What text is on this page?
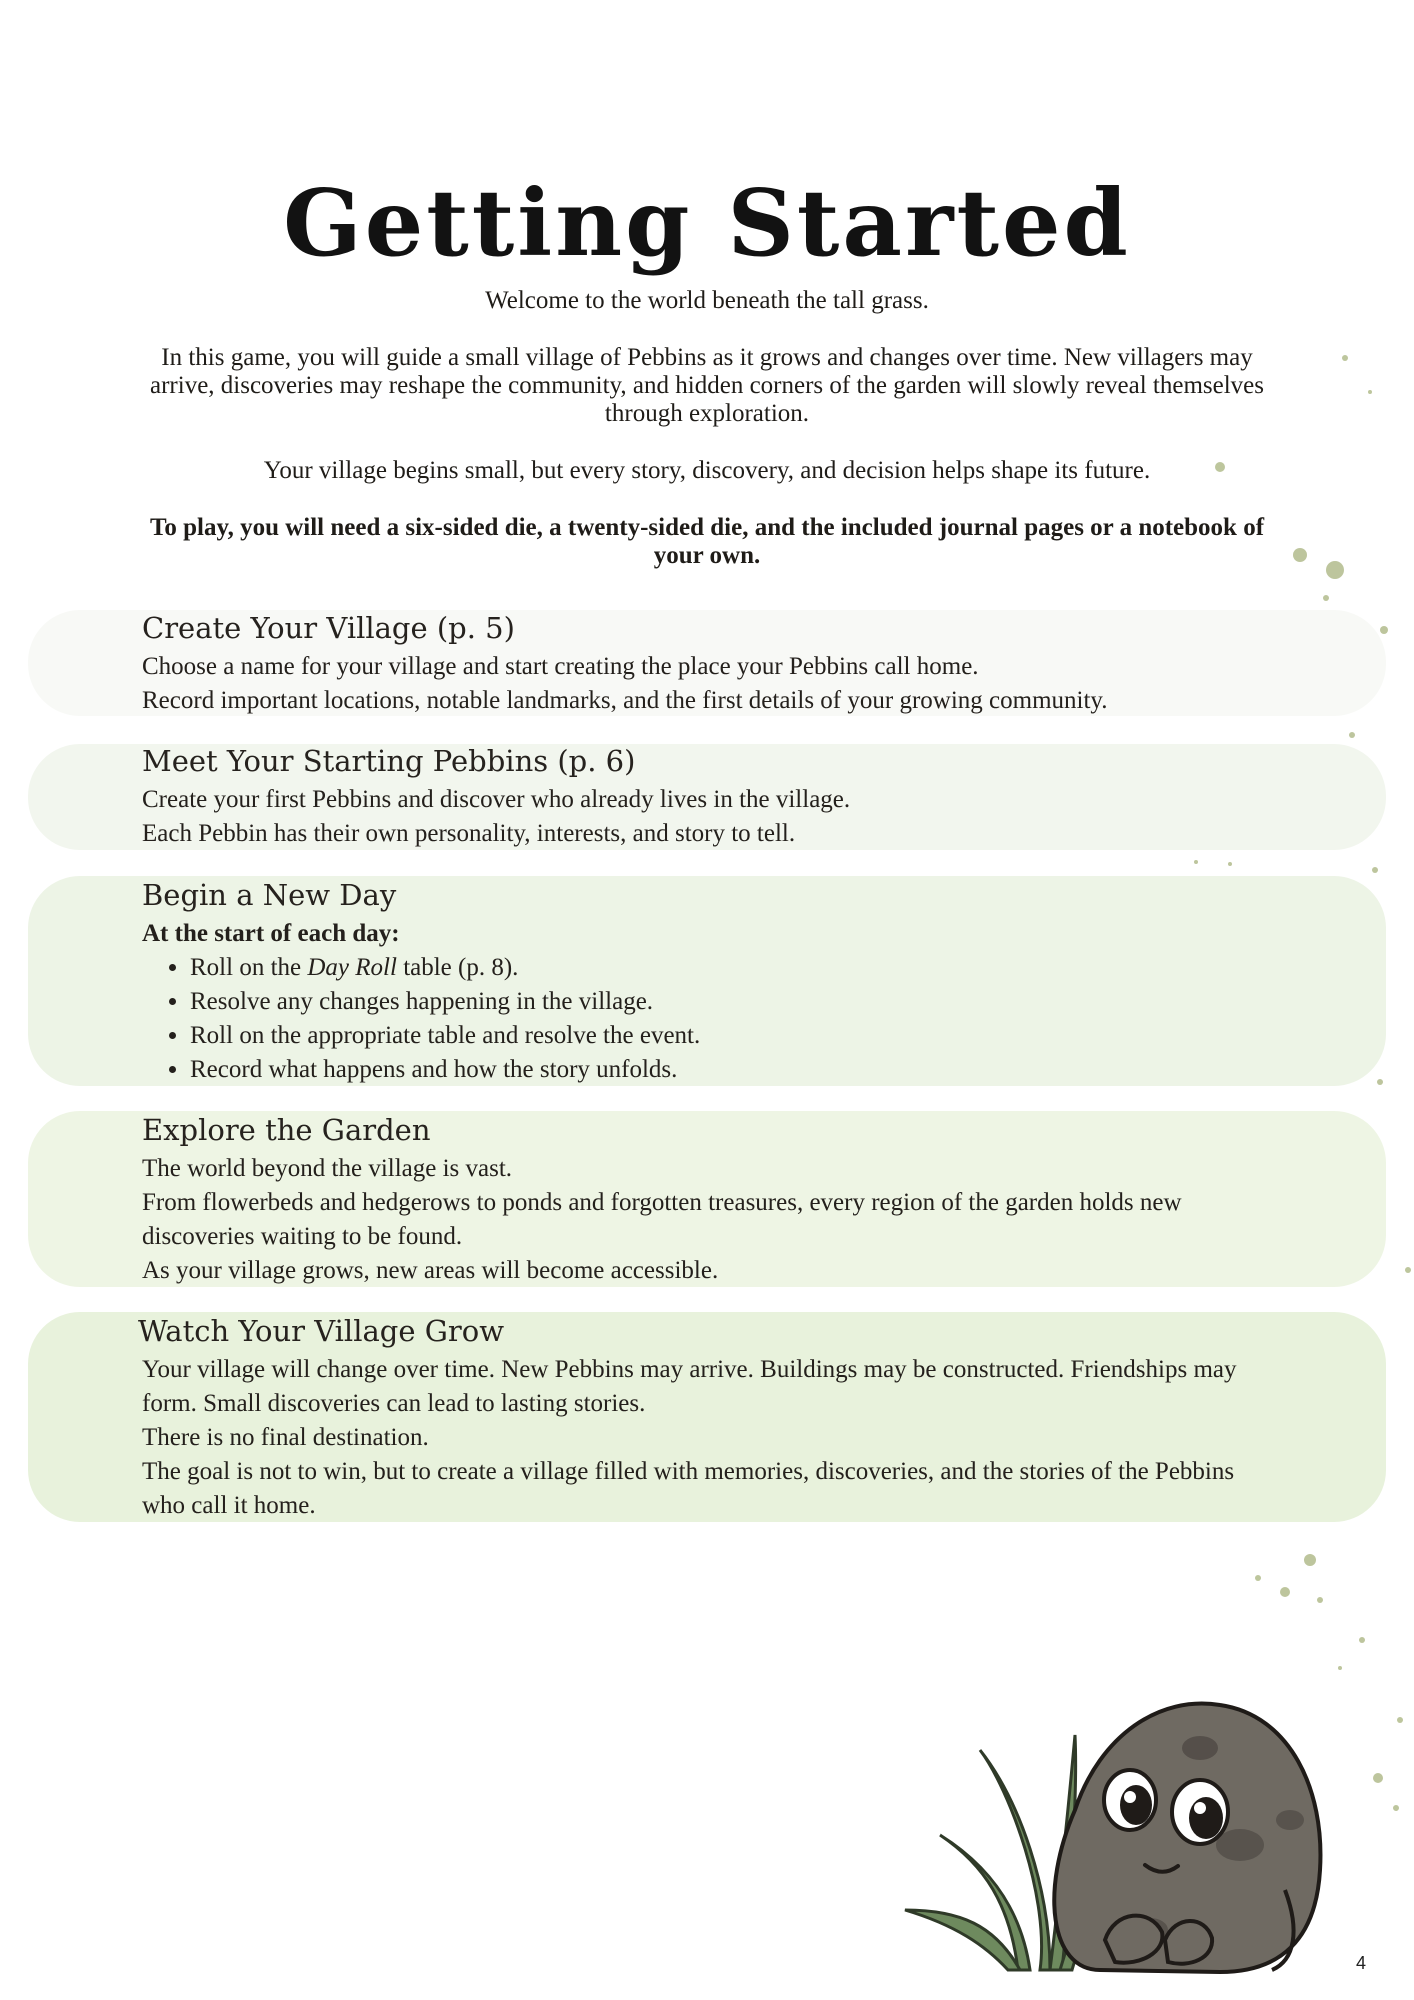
Getting Started
Welcome to the world beneath the tall grass.
In this game, you will guide a small village of Pebbins as it grows and changes over time. New villagers may arrive, discoveries may reshape the community, and hidden corners of the garden will slowly reveal themselves through exploration.
Your village begins small, but every story, discovery, and decision helps shape its future.
To play, you will need a six-sided die, a twenty-sided die, and the included journal pages or a notebook of your own.
Create Your Village (p. 5)

Choose a name for your village and start creating the place your Pebbins call home.

Record important locations, notable landmarks, and the first details of your growing community.

Meet Your Starting Pebbins (p. 6)

Create your first Pebbins and discover who already lives in the village.

Each Pebbin has their own personality, interests, and story to tell.

Begin a New Day

At the start of each day:

• Roll on the Day Roll table (p. 8).
• Resolve any changes happening in the village.
• Roll on the appropriate table and resolve the event.
• Record what happens and how the story unfolds.
Explore the Garden

The world beyond the village is vast.

From flowerbeds and hedgerows to ponds and forgotten treasures, every region of the garden holds new discoveries waiting to be found.

As your village grows, new areas will become accessible.

Watch Your Village Grow

Your village will change over time. New Pebbins may arrive. Buildings may be constructed. Friendships may form. Small discoveries can lead to lasting stories.

There is no final destination.

The goal is not to win, but to create a village filled with memories, discoveries, and the stories of the Pebbins who call it home.

4
